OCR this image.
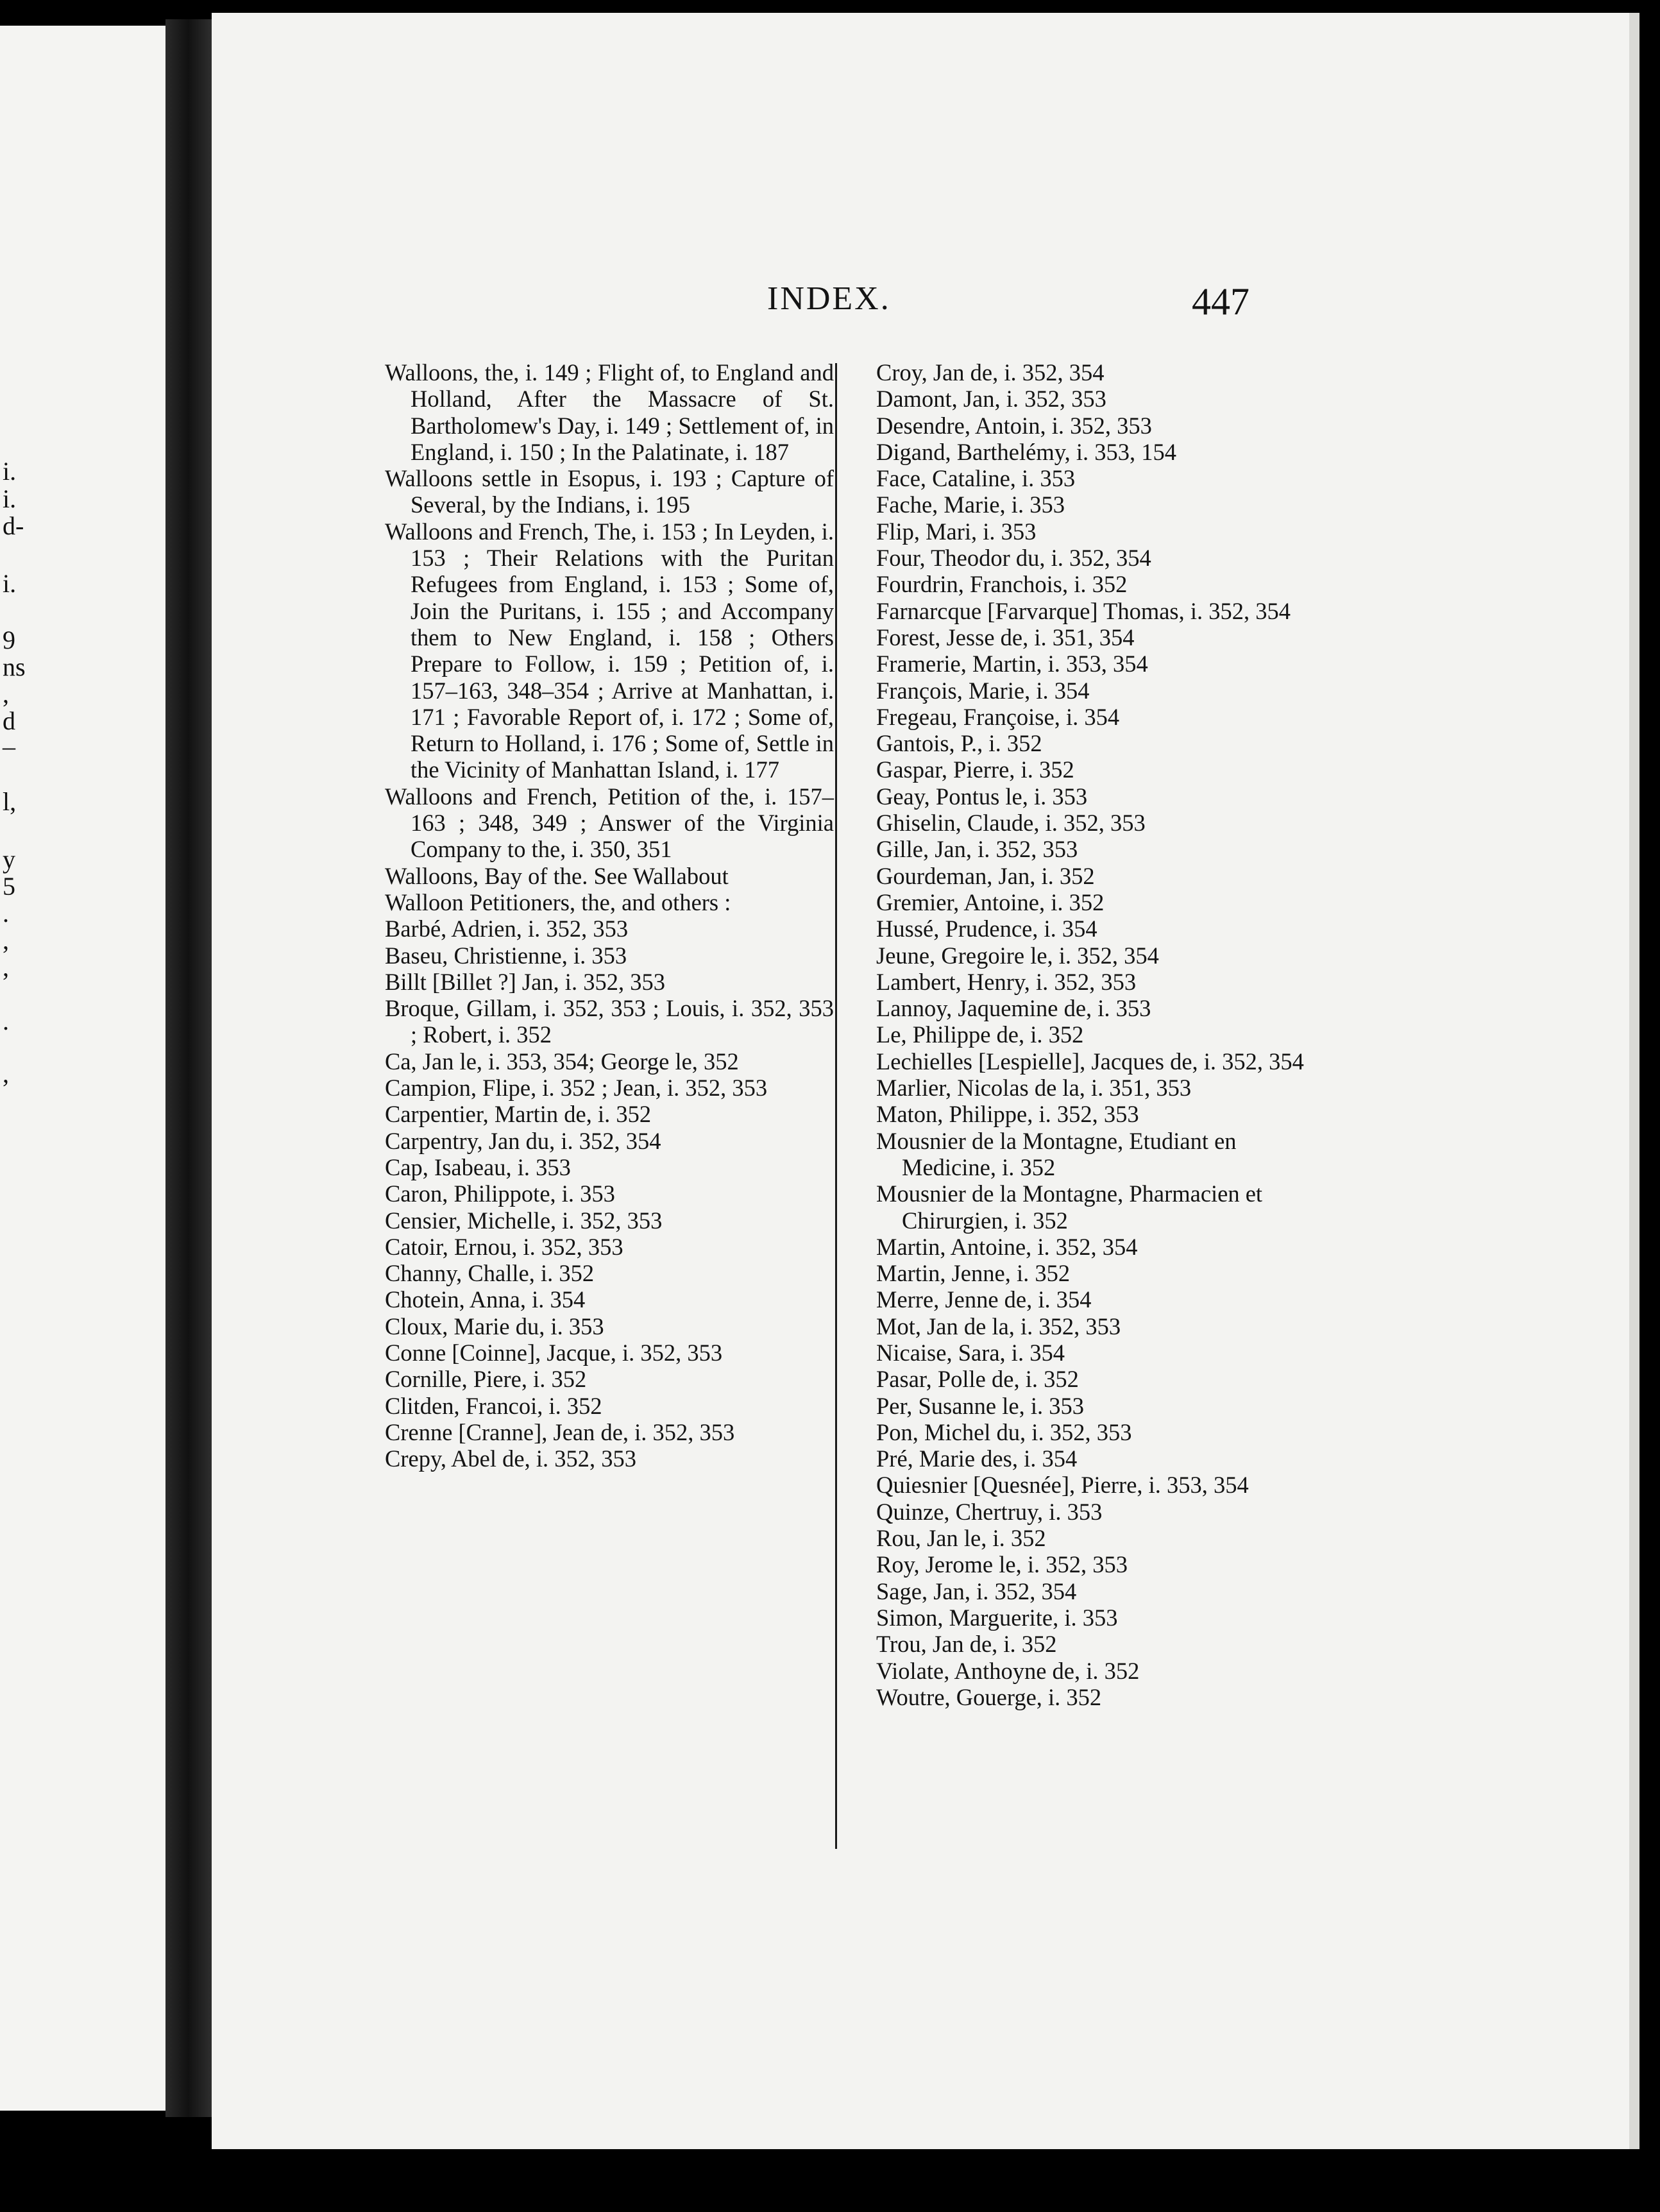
i.
i.
d-
i.
9
ns
,
d
–
l,
y
5
.
,
,
.
,
INDEX.	447
Walloons, the, i. 149 ; Flight of, to England and Holland, After the Massacre of St. Bartholomew's Day, i. 149 ; Settlement of, in England, i. 150 ; In the Palatinate, i. 187
Walloons settle in Esopus, i. 193 ; Capture of Several, by the Indians, i. 195
Walloons and French, The, i. 153 ; In Leyden, i. 153 ; Their Relations with the Puritan Refugees from England, i. 153 ; Some of, Join the Puritans, i. 155 ; and Accompany them to New England, i. 158 ; Others Prepare to Follow, i. 159 ; Petition of, i. 157–163, 348–354 ; Arrive at Manhattan, i. 171 ; Favorable Report of, i. 172 ; Some of, Return to Holland, i. 176 ; Some of, Settle in the Vicinity of Manhattan Island, i. 177
Walloons and French, Petition of the, i. 157–163 ; 348, 349 ; Answer of the Virginia Company to the, i. 350, 351
Walloons, Bay of the. See Wallabout
Walloon Petitioners, the, and others :
Barbé, Adrien, i. 352, 353
Baseu, Christienne, i. 353
Billt [Billet ?] Jan, i. 352, 353
Broque, Gillam, i. 352, 353 ; Louis, i. 352, 353 ; Robert, i. 352
Ca, Jan le, i. 353, 354; George le, 352
Campion, Flipe, i. 352 ; Jean, i. 352, 353
Carpentier, Martin de, i. 352
Carpentry, Jan du, i. 352, 354
Cap, Isabeau, i. 353
Caron, Philippote, i. 353
Censier, Michelle, i. 352, 353
Catoir, Ernou, i. 352, 353
Channy, Challe, i. 352
Chotein, Anna, i. 354
Cloux, Marie du, i. 353
Conne [Coinne], Jacque, i. 352, 353
Cornille, Piere, i. 352
Clitden, Francoi, i. 352
Crenne [Cranne], Jean de, i. 352, 353
Crepy, Abel de, i. 352, 353
Croy, Jan de, i. 352, 354
Damont, Jan, i. 352, 353
Desendre, Antoin, i. 352, 353
Digand, Barthelémy, i. 353, 154
Face, Cataline, i. 353
Fache, Marie, i. 353
Flip, Mari, i. 353
Four, Theodor du, i. 352, 354
Fourdrin, Franchois, i. 352
Farnarcque [Farvarque] Thomas, i. 352, 354
Forest, Jesse de, i. 351, 354
Framerie, Martin, i. 353, 354
François, Marie, i. 354
Fregeau, Françoise, i. 354
Gantois, P., i. 352
Gaspar, Pierre, i. 352
Geay, Pontus le, i. 353
Ghiselin, Claude, i. 352, 353
Gille, Jan, i. 352, 353
Gourdeman, Jan, i. 352
Gremier, Antoine, i. 352
Hussé, Prudence, i. 354
Jeune, Gregoire le, i. 352, 354
Lambert, Henry, i. 352, 353
Lannoy, Jaquemine de, i. 353
Le, Philippe de, i. 352
Lechielles [Lespielle], Jacques de, i. 352, 354
Marlier, Nicolas de la, i. 351, 353
Maton, Philippe, i. 352, 353
Mousnier de la Montagne, Etudiant en Medicine, i. 352
Mousnier de la Montagne, Pharmacien et Chirurgien, i. 352
Martin, Antoine, i. 352, 354
Martin, Jenne, i. 352
Merre, Jenne de, i. 354
Mot, Jan de la, i. 352, 353
Nicaise, Sara, i. 354
Pasar, Polle de, i. 352
Per, Susanne le, i. 353
Pon, Michel du, i. 352, 353
Pré, Marie des, i. 354
Quiesnier [Quesnée], Pierre, i. 353, 354
Quinze, Chertruy, i. 353
Rou, Jan le, i. 352
Roy, Jerome le, i. 352, 353
Sage, Jan, i. 352, 354
Simon, Marguerite, i. 353
Trou, Jan de, i. 352
Violate, Anthoyne de, i. 352
Woutre, Gouerge, i. 352
